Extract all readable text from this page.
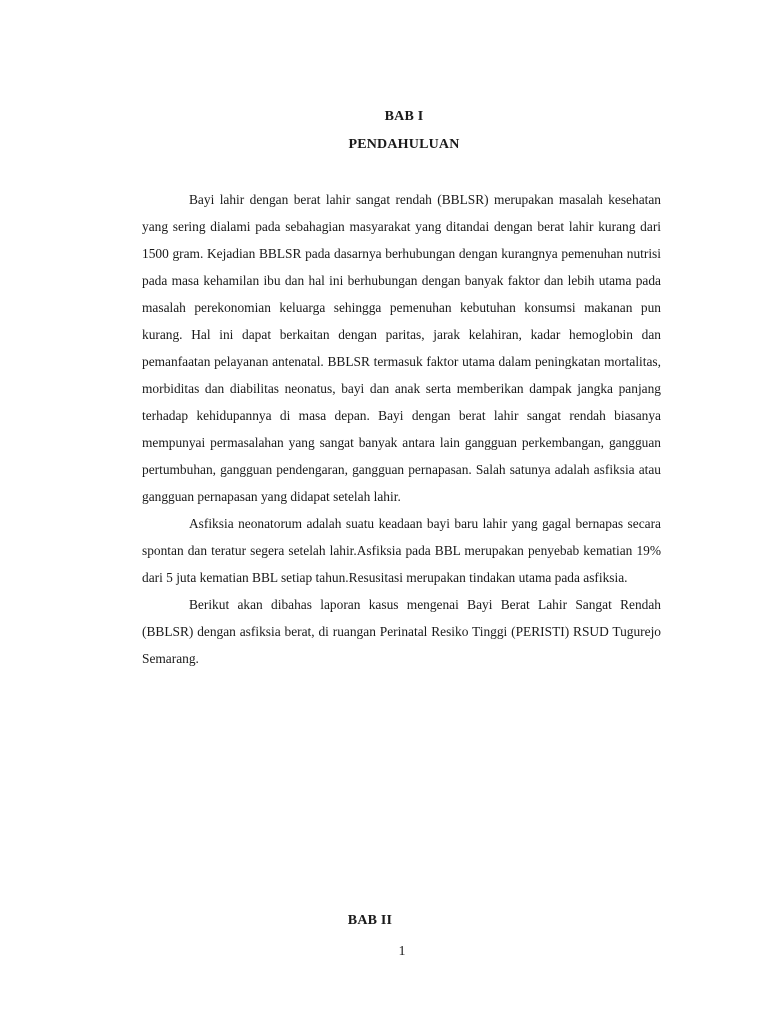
BAB I
PENDAHULUAN

Bayi lahir dengan berat lahir sangat rendah (BBLSR) merupakan masalah kesehatan yang sering dialami pada sebahagian masyarakat yang ditandai dengan berat lahir kurang dari 1500 gram. Kejadian BBLSR pada dasarnya berhubungan dengan kurangnya pemenuhan nutrisi pada masa kehamilan ibu dan hal ini berhubungan dengan banyak faktor dan lebih utama pada masalah perekonomian keluarga sehingga pemenuhan kebutuhan konsumsi makanan pun kurang. Hal ini dapat berkaitan dengan paritas, jarak kelahiran, kadar hemoglobin dan pemanfaatan pelayanan antenatal. BBLSR termasuk faktor utama dalam peningkatan mortalitas, morbiditas dan diabilitas neonatus, bayi dan anak serta memberikan dampak jangka panjang terhadap kehidupannya di masa depan. Bayi dengan berat lahir sangat rendah biasanya mempunyai permasalahan yang sangat banyak antara lain gangguan perkembangan, gangguan pertumbuhan, gangguan pendengaran, gangguan pernapasan. Salah satunya adalah asfiksia atau gangguan pernapasan yang didapat setelah lahir.

Asfiksia neonatorum adalah suatu keadaan bayi baru lahir yang gagal bernapas secara spontan dan teratur segera setelah lahir.Asfiksia pada BBL merupakan penyebab kematian 19% dari 5 juta kematian BBL setiap tahun.Resusitasi merupakan tindakan utama pada asfiksia.

Berikut akan dibahas laporan kasus mengenai Bayi Berat Lahir Sangat Rendah (BBLSR) dengan asfiksia berat, di ruangan Perinatal Resiko Tinggi (PERISTI) RSUD Tugurejo Semarang.

BAB II
1
